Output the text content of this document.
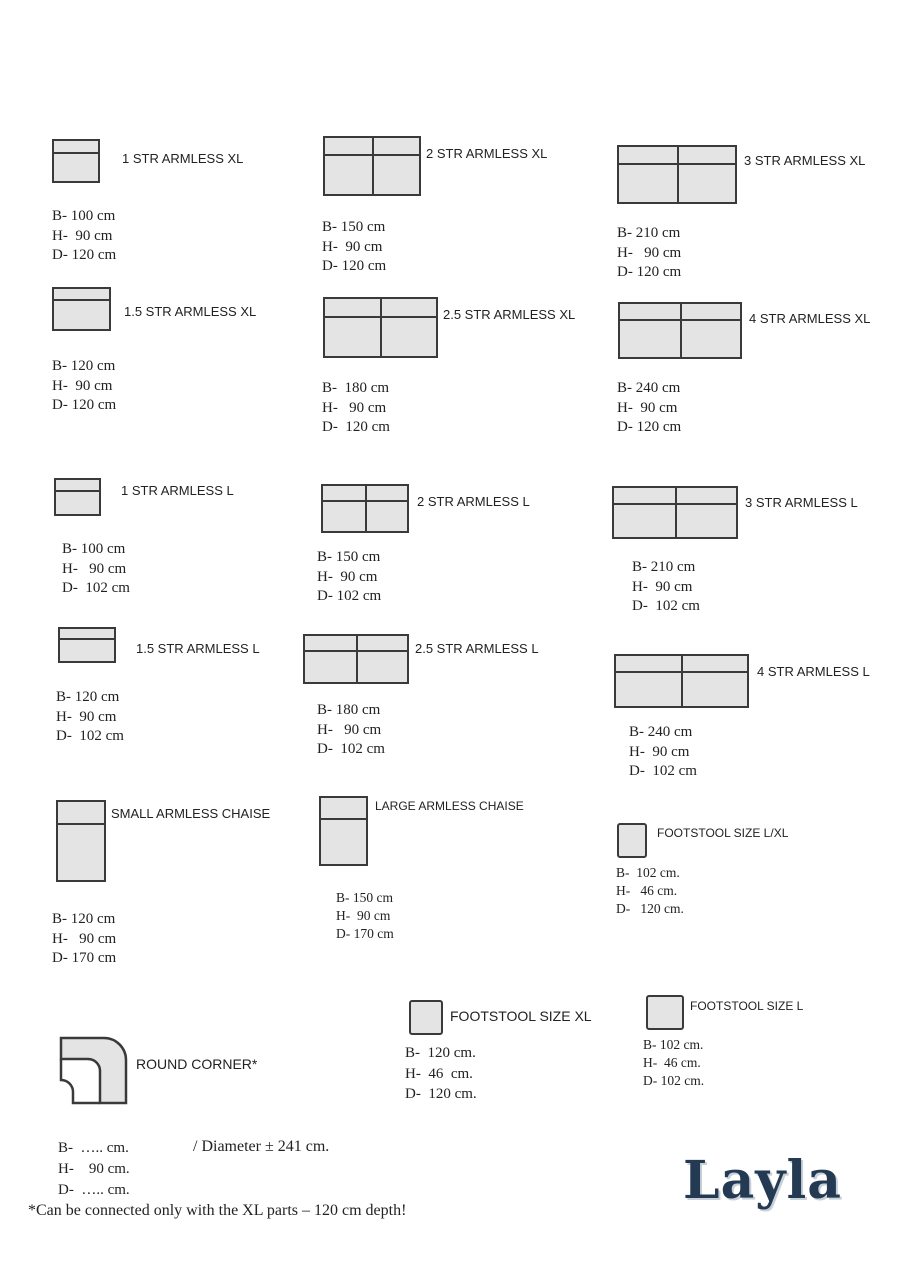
1 STR ARMLESS XL
B- 100 cm
H-  90 cm
D- 120 cm
2 STR ARMLESS XL
B- 150 cm
H-  90 cm
D- 120 cm
3 STR ARMLESS XL
B- 210 cm
H-   90 cm
D- 120 cm
1.5 STR ARMLESS XL
B- 120 cm
H-  90 cm
D- 120 cm
2.5 STR ARMLESS XL
B-  180 cm
H-   90 cm
D-  120 cm
4 STR ARMLESS XL
B- 240 cm
H-  90 cm
D- 120 cm
1 STR ARMLESS L
B- 100 cm
H-   90 cm
D-  102 cm
2 STR ARMLESS L
B- 150 cm
H-  90 cm
D- 102 cm
3 STR ARMLESS L
B- 210 cm
H-  90 cm
D-  102 cm
1.5 STR ARMLESS L
B- 120 cm
H-  90 cm
D-  102 cm
2.5 STR ARMLESS L
B- 180 cm
H-   90 cm
D-  102 cm
4 STR ARMLESS L
B- 240 cm
H-  90 cm
D-  102 cm
SMALL ARMLESS CHAISE
B- 120 cm
H-   90 cm
D- 170 cm
LARGE ARMLESS CHAISE
B- 150 cm
H-  90 cm
D- 170 cm
FOOTSTOOL SIZE L/XL
B-  102 cm.
H-   46 cm.
D-   120 cm.
ROUND CORNER*
B-  ….. cm.
H-    90 cm.
D-  ….. cm.
/ Diameter ± 241 cm.
*Can be connected only with the XL parts – 120 cm depth!
FOOTSTOOL SIZE XL
B-  120 cm.
H-  46  cm.
D-  120 cm.
FOOTSTOOL SIZE L
B- 102 cm.
H-  46 cm.
D- 102 cm.
Layla
